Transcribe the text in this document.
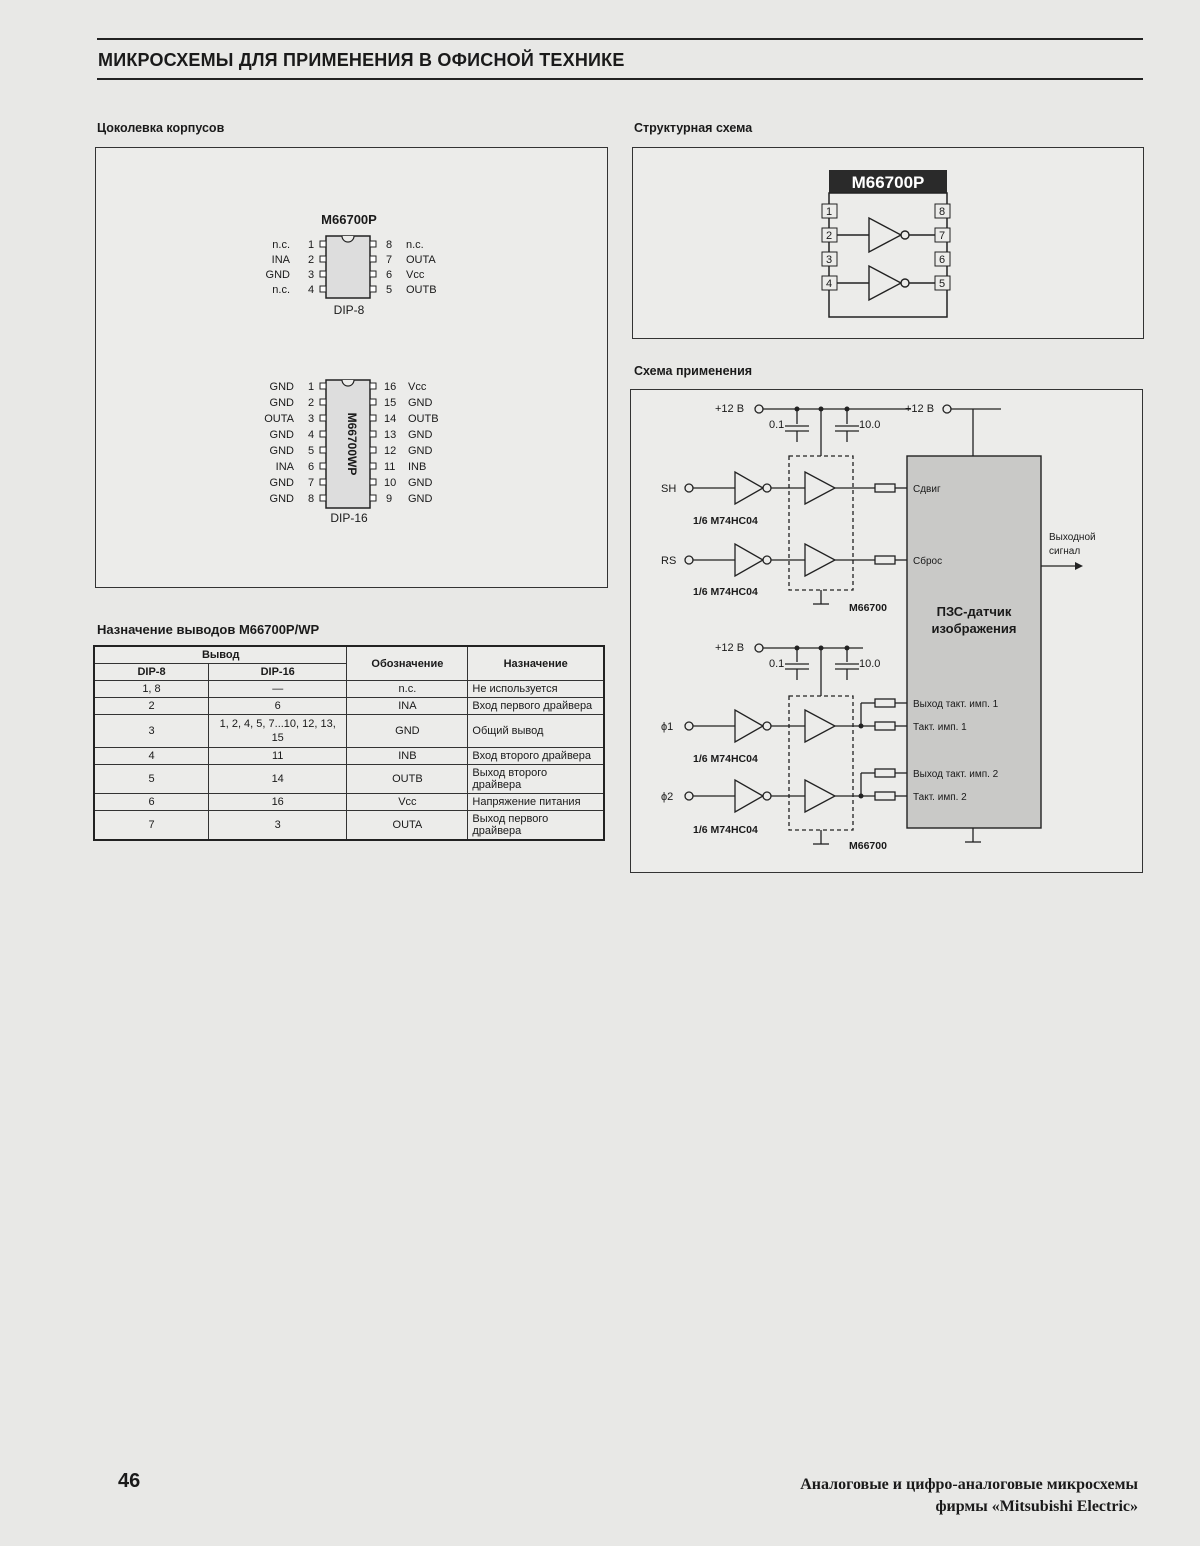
МИКРОСХЕМЫ ДЛЯ ПРИМЕНЕНИЯ В ОФИСНОЙ ТЕХНИКЕ
Цоколевка корпусов	Структурная схема
Схема применения
Назначение выводов M66700P/WP
M66700P
n.c.
INA
GND
n.c.
1
2
3
4
8
7
6
5
n.c.
OUTA
Vcc
OUTB
DIP-8
M66700WP
GND
GND
OUTA
GND
GND
INA
GND
GND
1
2
3
4
5
6
7
8
16
15
14
13
12
11
10
9
Vcc
GND
OUTB
GND
GND
INB
GND
GND
DIP-16
Вывод		Обозначение	Назначение
DIP-8	DIP-16		
1, 8	—	n.c.	Не используется
2	6	INA	Вход первого драйвера
3	1, 2, 4, 5, 7...10, 12, 13, 15	GND	Общий вывод
4	11	INB	Вход второго драйвера
5	14	OUTB	Выход второго драйвера
6	16	Vcc	Напряжение питания
7	3	OUTA	Выход первого драйвера
M66700P
1
2
3
4
8
7
6
5
+12 В	+12 В
0.1	10.0
+12 В
0.1	10.0
SH
RS
ϕ1
ϕ2
1/6 M74HC04
1/6 M74HC04
1/6 M74HC04
1/6 M74HC04
M66700
M66700
Сдвиг
Сброс
Выход такт. имп. 1
Такт. имп. 1
Выход такт. имп. 2
Такт. имп. 2
ПЗС-датчик
изображения
Выходной
сигнал
46	Аналоговые и цифро-аналоговые микросхемы
фирмы «Mitsubishi Electric»
